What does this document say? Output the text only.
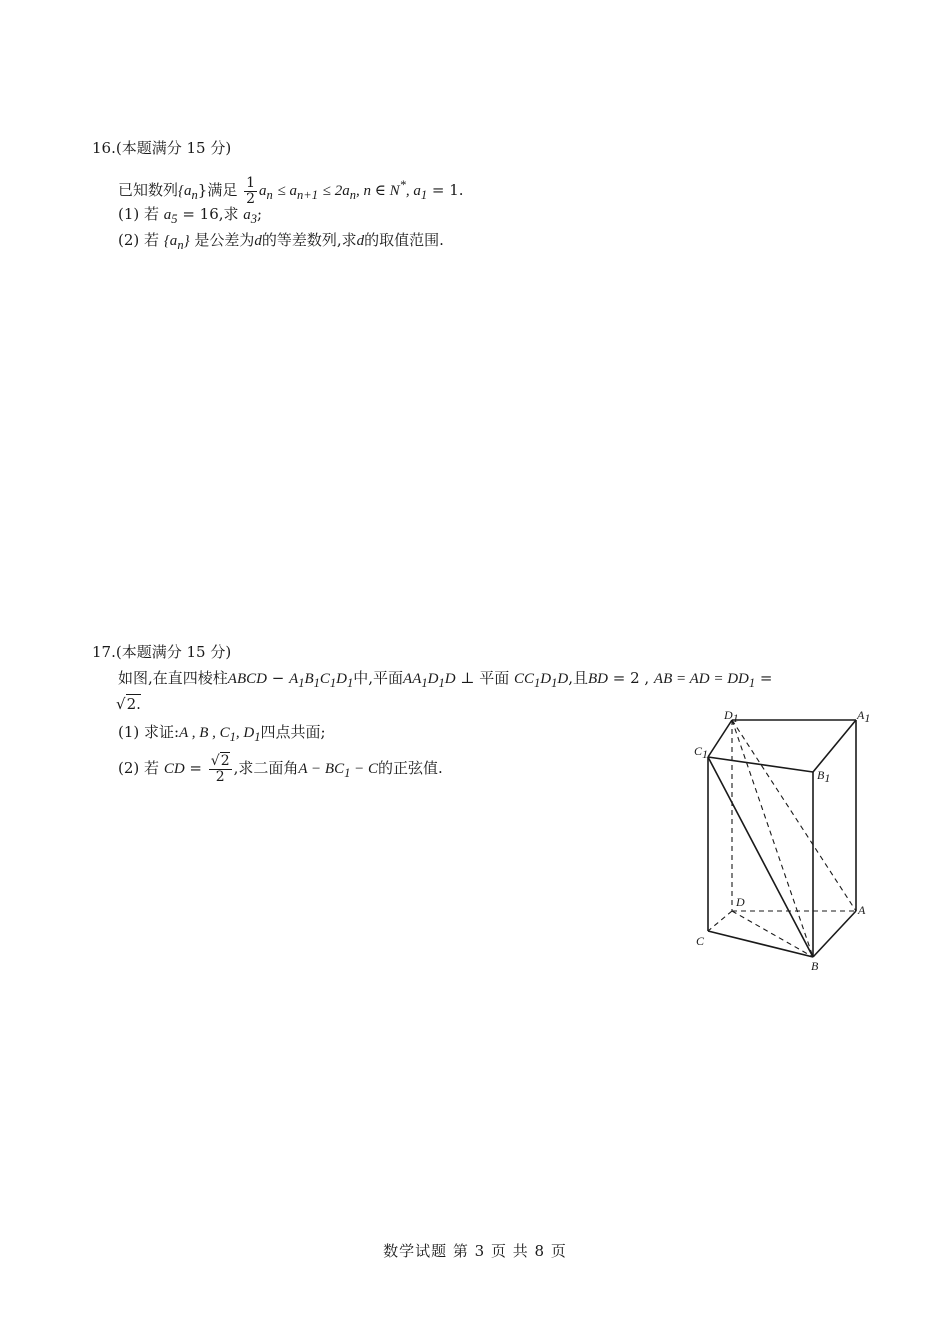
16.(本题满分 15 分)
已知数列$\{a_n\}$满足 $\frac{1}{2} a_n \le a_{n+1} \le 2a_n$, n ∈ N*, $a_1 = 1$.
(1) 若 $a_5 = 16$,求 $a_3$;
(2) 若 $\{a_n\}$ 是公差为d的等差数列,求d的取值范围.
17.(本题满分 15 分)
如图,在直四棱柱ABCD − $A_1B_1C_1D_1$中,平面$AA_1D_1D$ ⊥ 平面 $CC_1D_1D$,且BD = 2 , AB = AD = $DD_1$ =
√2.
(1) 求证:A , B , $C_1$, $D_1$四点共面;
(2) 若 CD = $\frac{√2}{2}$ ,求二面角$A - BC_1 - C$的正弦值.
D1	A1
C1
B1
D
A
C
B
数学试题 第 3 页 共 8 页
